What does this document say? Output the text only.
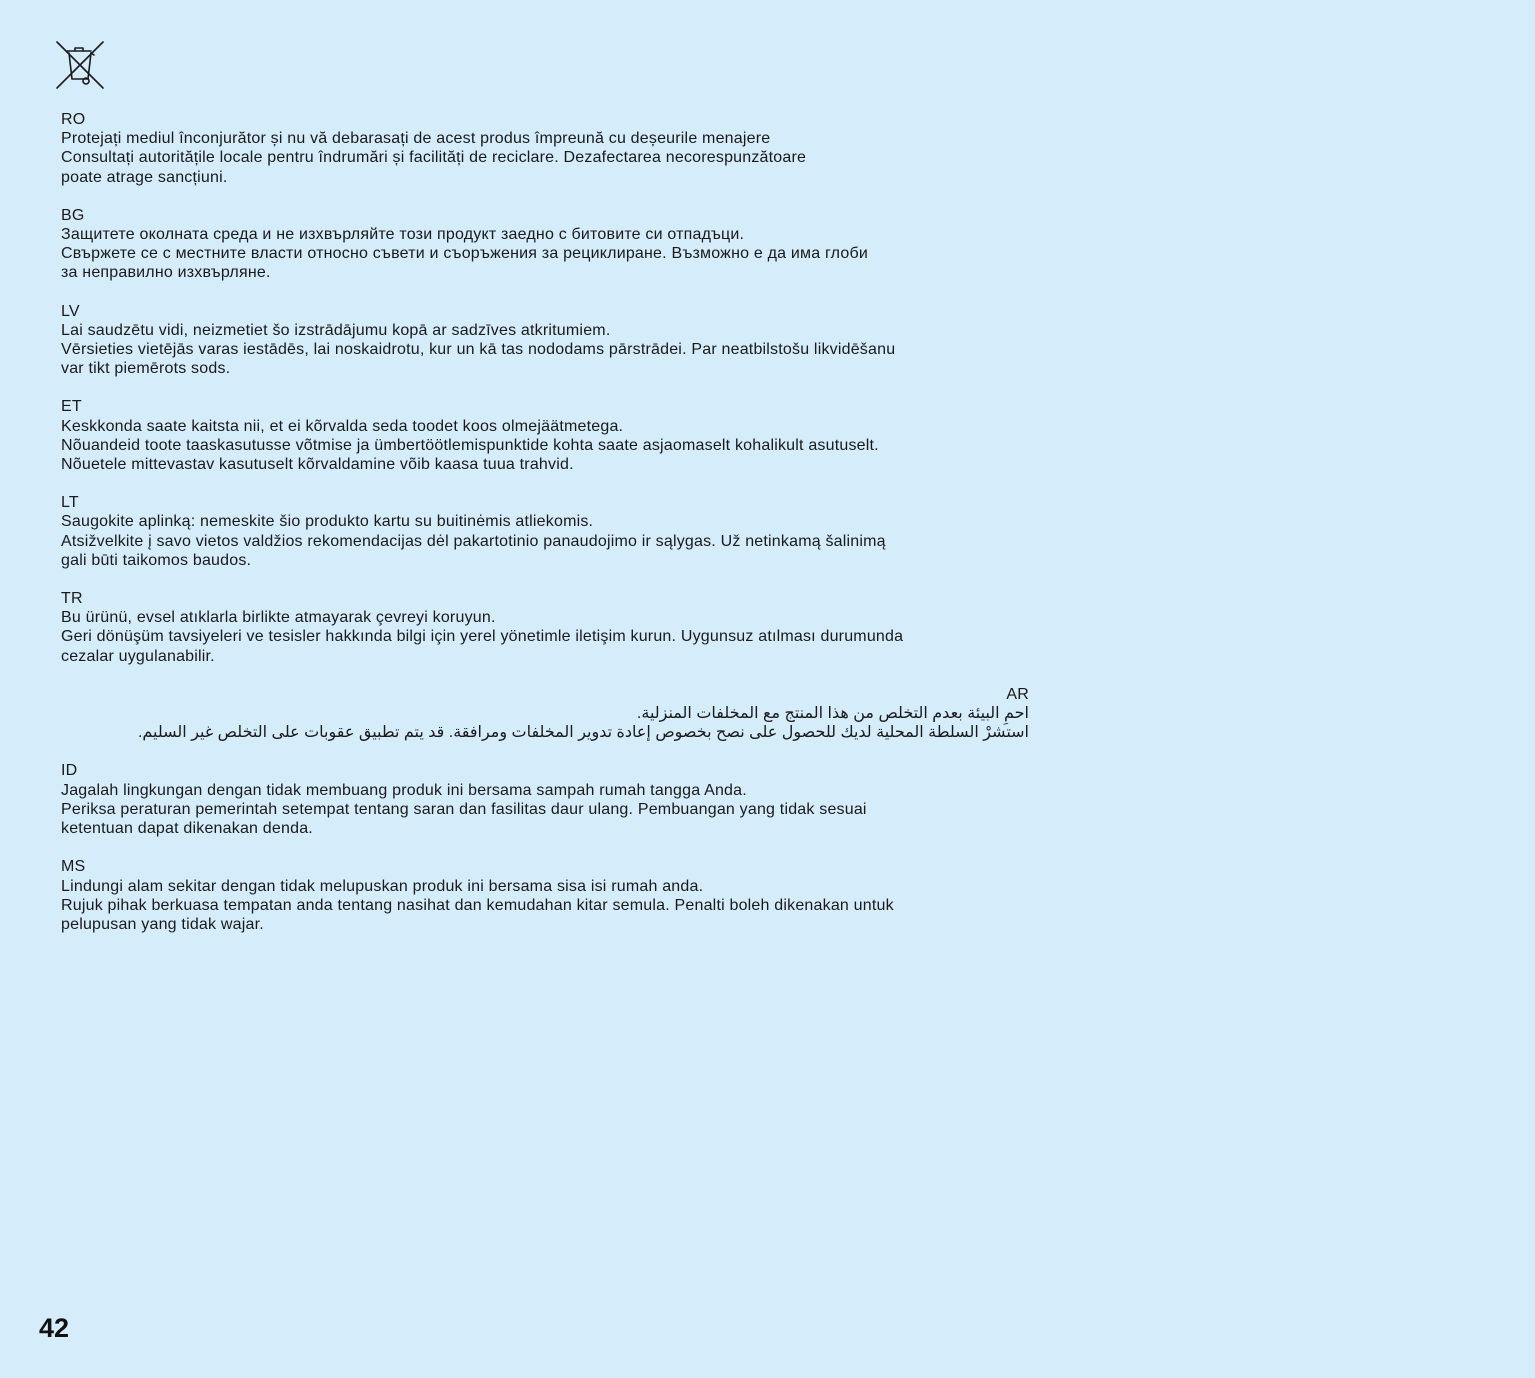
RO
Protejați mediul înconjurător și nu vă debarasați de acest produs împreună cu deșeurile menajere
Consultați autoritățile locale pentru îndrumări și facilități de reciclare. Dezafectarea necorespunzătoare
poate atrage sancțiuni.
BG
Защитете околната среда и не изхвърляйте този продукт заедно с битовите си отпадъци.
Свържете се с местните власти относно съвети и съоръжения за рециклиране. Възможно е да има глоби
за неправилно изхвърляне.
LV
Lai saudzētu vidi, neizmetiet šo izstrādājumu kopā ar sadzīves atkritumiem.
Vērsieties vietējās varas iestādēs, lai noskaidrotu, kur un kā tas nododams pārstrādei. Par neatbilstošu likvidēšanu
var tikt piemērots sods.
ET
Keskkonda saate kaitsta nii, et ei kõrvalda seda toodet koos olmejäätmetega.
Nõuandeid toote taaskasutusse võtmise ja ümbertöötlemispunktide kohta saate asjaomaselt kohalikult asutuselt.
Nõuetele mittevastav kasutuselt kõrvaldamine võib kaasa tuua trahvid.
LT
Saugokite aplinką: nemeskite šio produkto kartu su buitinėmis atliekomis.
Atsižvelkite į savo vietos valdžios rekomendacijas dėl pakartotinio panaudojimo ir sąlygas. Už netinkamą šalinimą
gali būti taikomos baudos.
TR
Bu ürünü, evsel atıklarla birlikte atmayarak çevreyi koruyun.
Geri dönüşüm tavsiyeleri ve tesisler hakkında bilgi için yerel yönetimle iletişim kurun. Uygunsuz atılması durumunda
cezalar uygulanabilir.
AR
احمِ البيئة بعدم التخلص من هذا المنتج مع المخلفات المنزلية.
استشرْ السلطة المحلية لديك للحصول على نصح بخصوص إعادة تدوير المخلفات ومرافقة. قد يتم تطبيق عقوبات على التخلص غير السليم.
ID
Jagalah lingkungan dengan tidak membuang produk ini bersama sampah rumah tangga Anda.
Periksa peraturan pemerintah setempat tentang saran dan fasilitas daur ulang. Pembuangan yang tidak sesuai
ketentuan dapat dikenakan denda.
MS
Lindungi alam sekitar dengan tidak melupuskan produk ini bersama sisa isi rumah anda.
Rujuk pihak berkuasa tempatan anda tentang nasihat dan kemudahan kitar semula. Penalti boleh dikenakan untuk
pelupusan yang tidak wajar.
42
